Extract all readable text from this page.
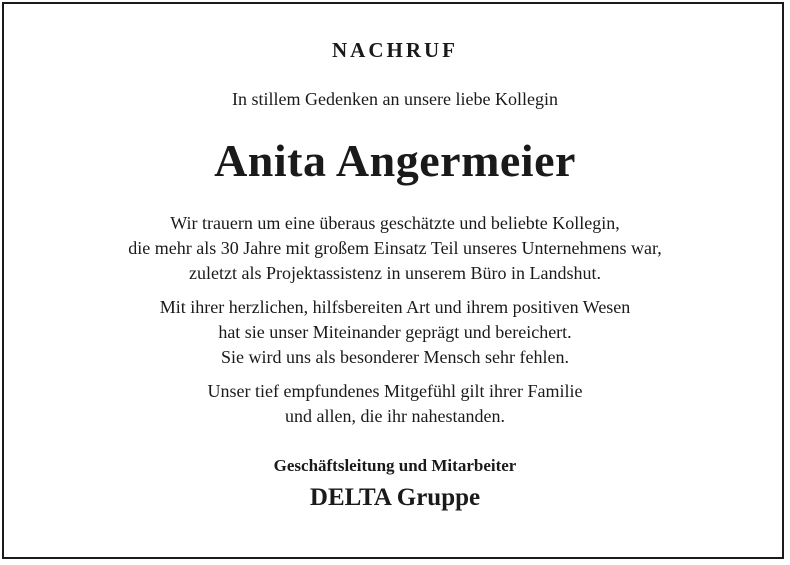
NACHRUF
In stillem Gedenken an unsere liebe Kollegin
Anita Angermeier
Wir trauern um eine überaus geschätzte und beliebte Kollegin,
die mehr als 30 Jahre mit großem Einsatz Teil unseres Unternehmens war,
zuletzt als Projektassistenz in unserem Büro in Landshut.
Mit ihrer herzlichen, hilfsbereiten Art und ihrem positiven Wesen
hat sie unser Miteinander geprägt und bereichert.
Sie wird uns als besonderer Mensch sehr fehlen.
Unser tief empfundenes Mitgefühl gilt ihrer Familie
und allen, die ihr nahestanden.
Geschäftsleitung und Mitarbeiter
DELTA Gruppe
